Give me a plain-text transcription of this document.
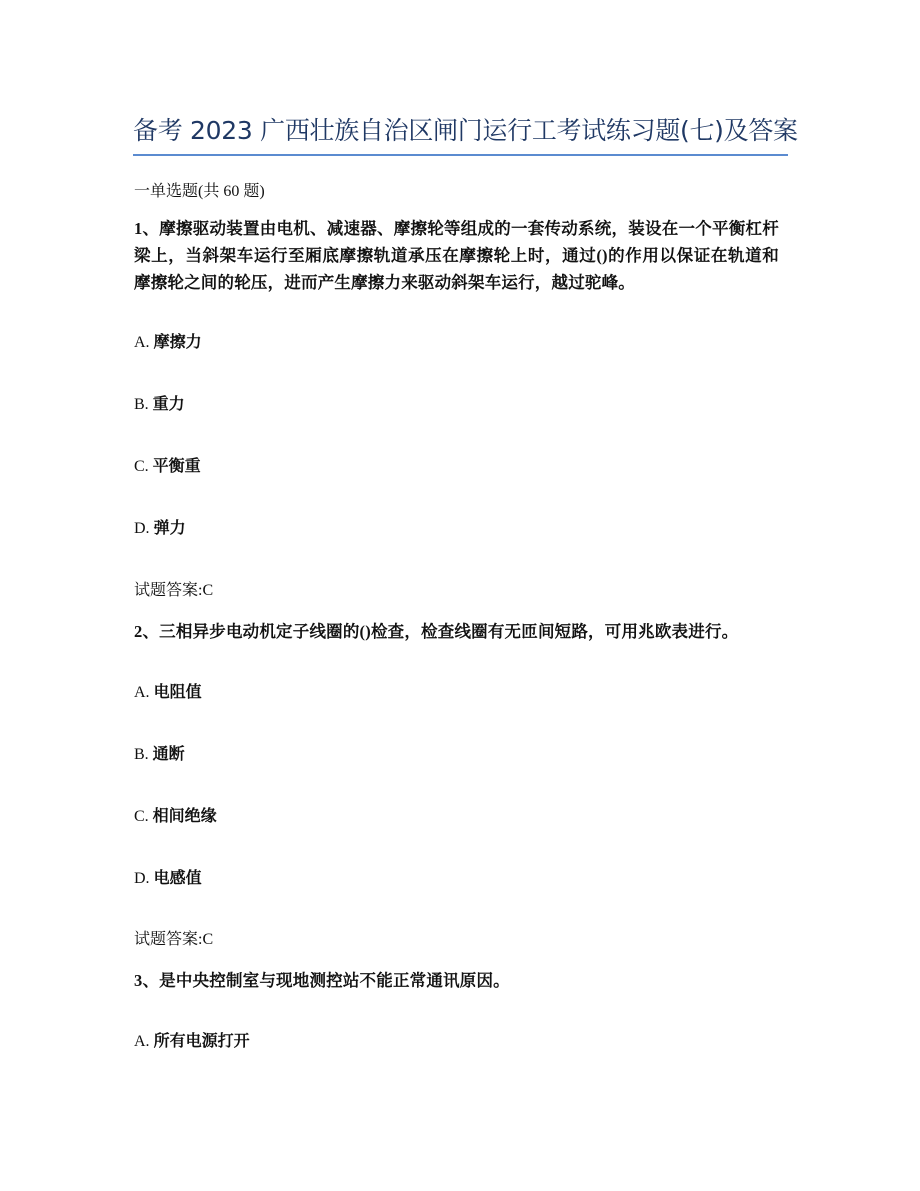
备考 2023 广西壮族自治区闸门运行工考试练习题(七)及答案
一单选题(共 60 题)
1、摩擦驱动装置由电机、减速器、摩擦轮等组成的一套传动系统，装设在一个平衡杠杆梁上，当斜架车运行至厢底摩擦轨道承压在摩擦轮上时，通过()的作用以保证在轨道和摩擦轮之间的轮压，进而产生摩擦力来驱动斜架车运行，越过驼峰。
A. 摩擦力
B. 重力
C. 平衡重
D. 弹力
试题答案:C
2、三相异步电动机定子线圈的()检查，检查线圈有无匝间短路，可用兆欧表进行。
A. 电阻值
B. 通断
C. 相间绝缘
D. 电感值
试题答案:C
3、是中央控制室与现地测控站不能正常通讯原因。
A. 所有电源打开
